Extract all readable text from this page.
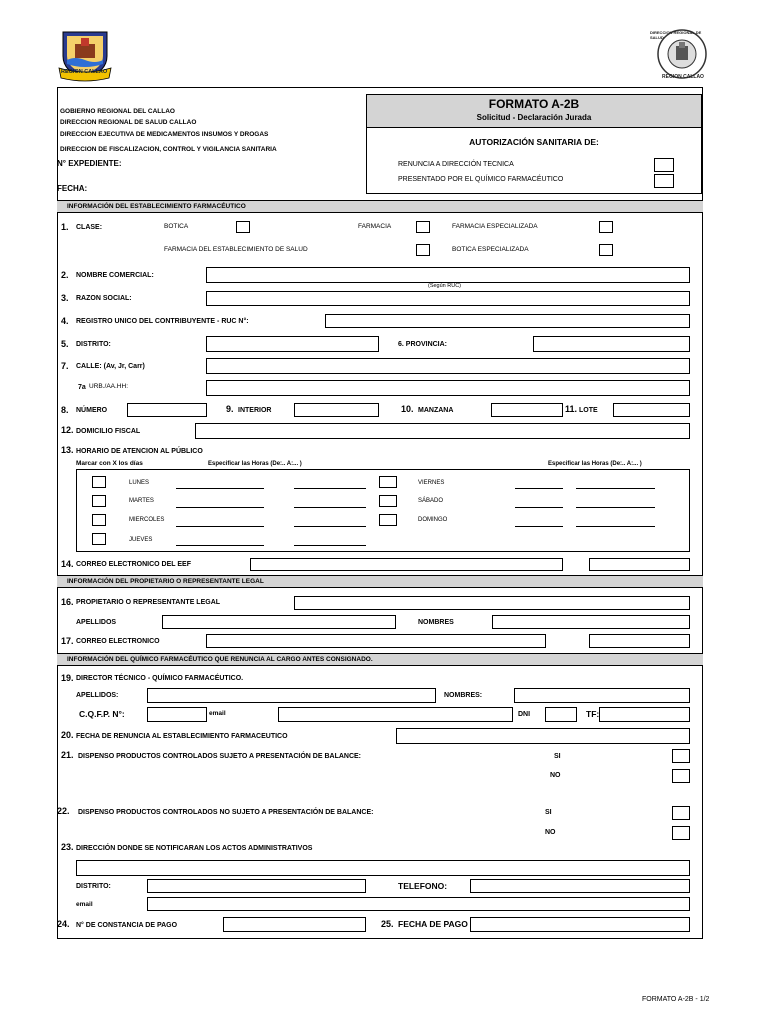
REGION CALLAO
DIRECCION REGIONAL DE SALUD
REGION CALLAO
GOBIERNO REGIONAL DEL CALLAO
DIRECCION REGIONAL DE SALUD CALLAO
DIRECCION EJECUTIVA DE MEDICAMENTOS INSUMOS Y DROGAS
DIRECCION DE FISCALIZACION, CONTROL Y VIGILANCIA SANITARIA
N° EXPEDIENTE:
FECHA:
FORMATO A-2B
Solicitud - Declaración Jurada
AUTORIZACIÓN SANITARIA DE:
RENUNCIA A DIRECCIÓN TECNICA
PRESENTADO POR EL QUÍMICO FARMACÉUTICO
INFORMACIÓN DEL ESTABLECIMIENTO FARMACÉUTICO
1. CLASE:	BOTICA	FARMACIA	FARMACIA ESPECIALIZADA
FARMACIA DEL ESTABLECIMIENTO DE SALUD	BOTICA ESPECIALIZADA
2. NOMBRE COMERCIAL:
(Según RUC)
3. RAZON SOCIAL:
4. REGISTRO UNICO DEL CONTRIBUYENTE - RUC N°:
5. DISTRITO:	6. PROVINCIA:
7. CALLE: (Av, Jr, Carr)
7a URB./AA.HH:
8. NÚMERO	9. INTERIOR	10. MANZANA	11. LOTE
12. DOMICILIO FISCAL
13. HORARIO DE ATENCION AL PÚBLICO
Marcar con X los días	Especificar las Horas (De:.. A:... )	Especificar las Horas (De:.. A:... )
LUNES
MARTES
MIERCOLES
JUEVES
VIERNES
SÁBADO
DOMINGO
14. CORREO ELECTRONICO DEL EEF
INFORMACIÓN DEL PROPIETARIO O REPRESENTANTE LEGAL
16. PROPIETARIO O REPRESENTANTE LEGAL
APELLIDOS	NOMBRES
17. CORREO ELECTRONICO
INFORMACIÓN DEL QUÍMICO FARMACÉUTICO QUE RENUNCIA AL CARGO ANTES CONSIGNADO.
19. DIRECTOR TÉCNICO - QUÍMICO FARMACÉUTICO.
APELLIDOS:	NOMBRES:
C.Q.F.P. N°:	email	DNI	TF:
20. FECHA DE RENUNCIA AL ESTABLECIMIENTO FARMACEUTICO
21. DISPENSO PRODUCTOS CONTROLADOS SUJETO A PRESENTACIÓN DE BALANCE:	SI
NO
22. DISPENSO PRODUCTOS CONTROLADOS NO SUJETO A PRESENTACIÓN DE BALANCE:	SI
NO
23. DIRECCIÓN DONDE SE NOTIFICARAN LOS ACTOS ADMINISTRATIVOS
DISTRITO:	TELEFONO:
email
24. N° DE CONSTANCIA DE PAGO	25. FECHA DE PAGO
FORMATO A-2B - 1/2
